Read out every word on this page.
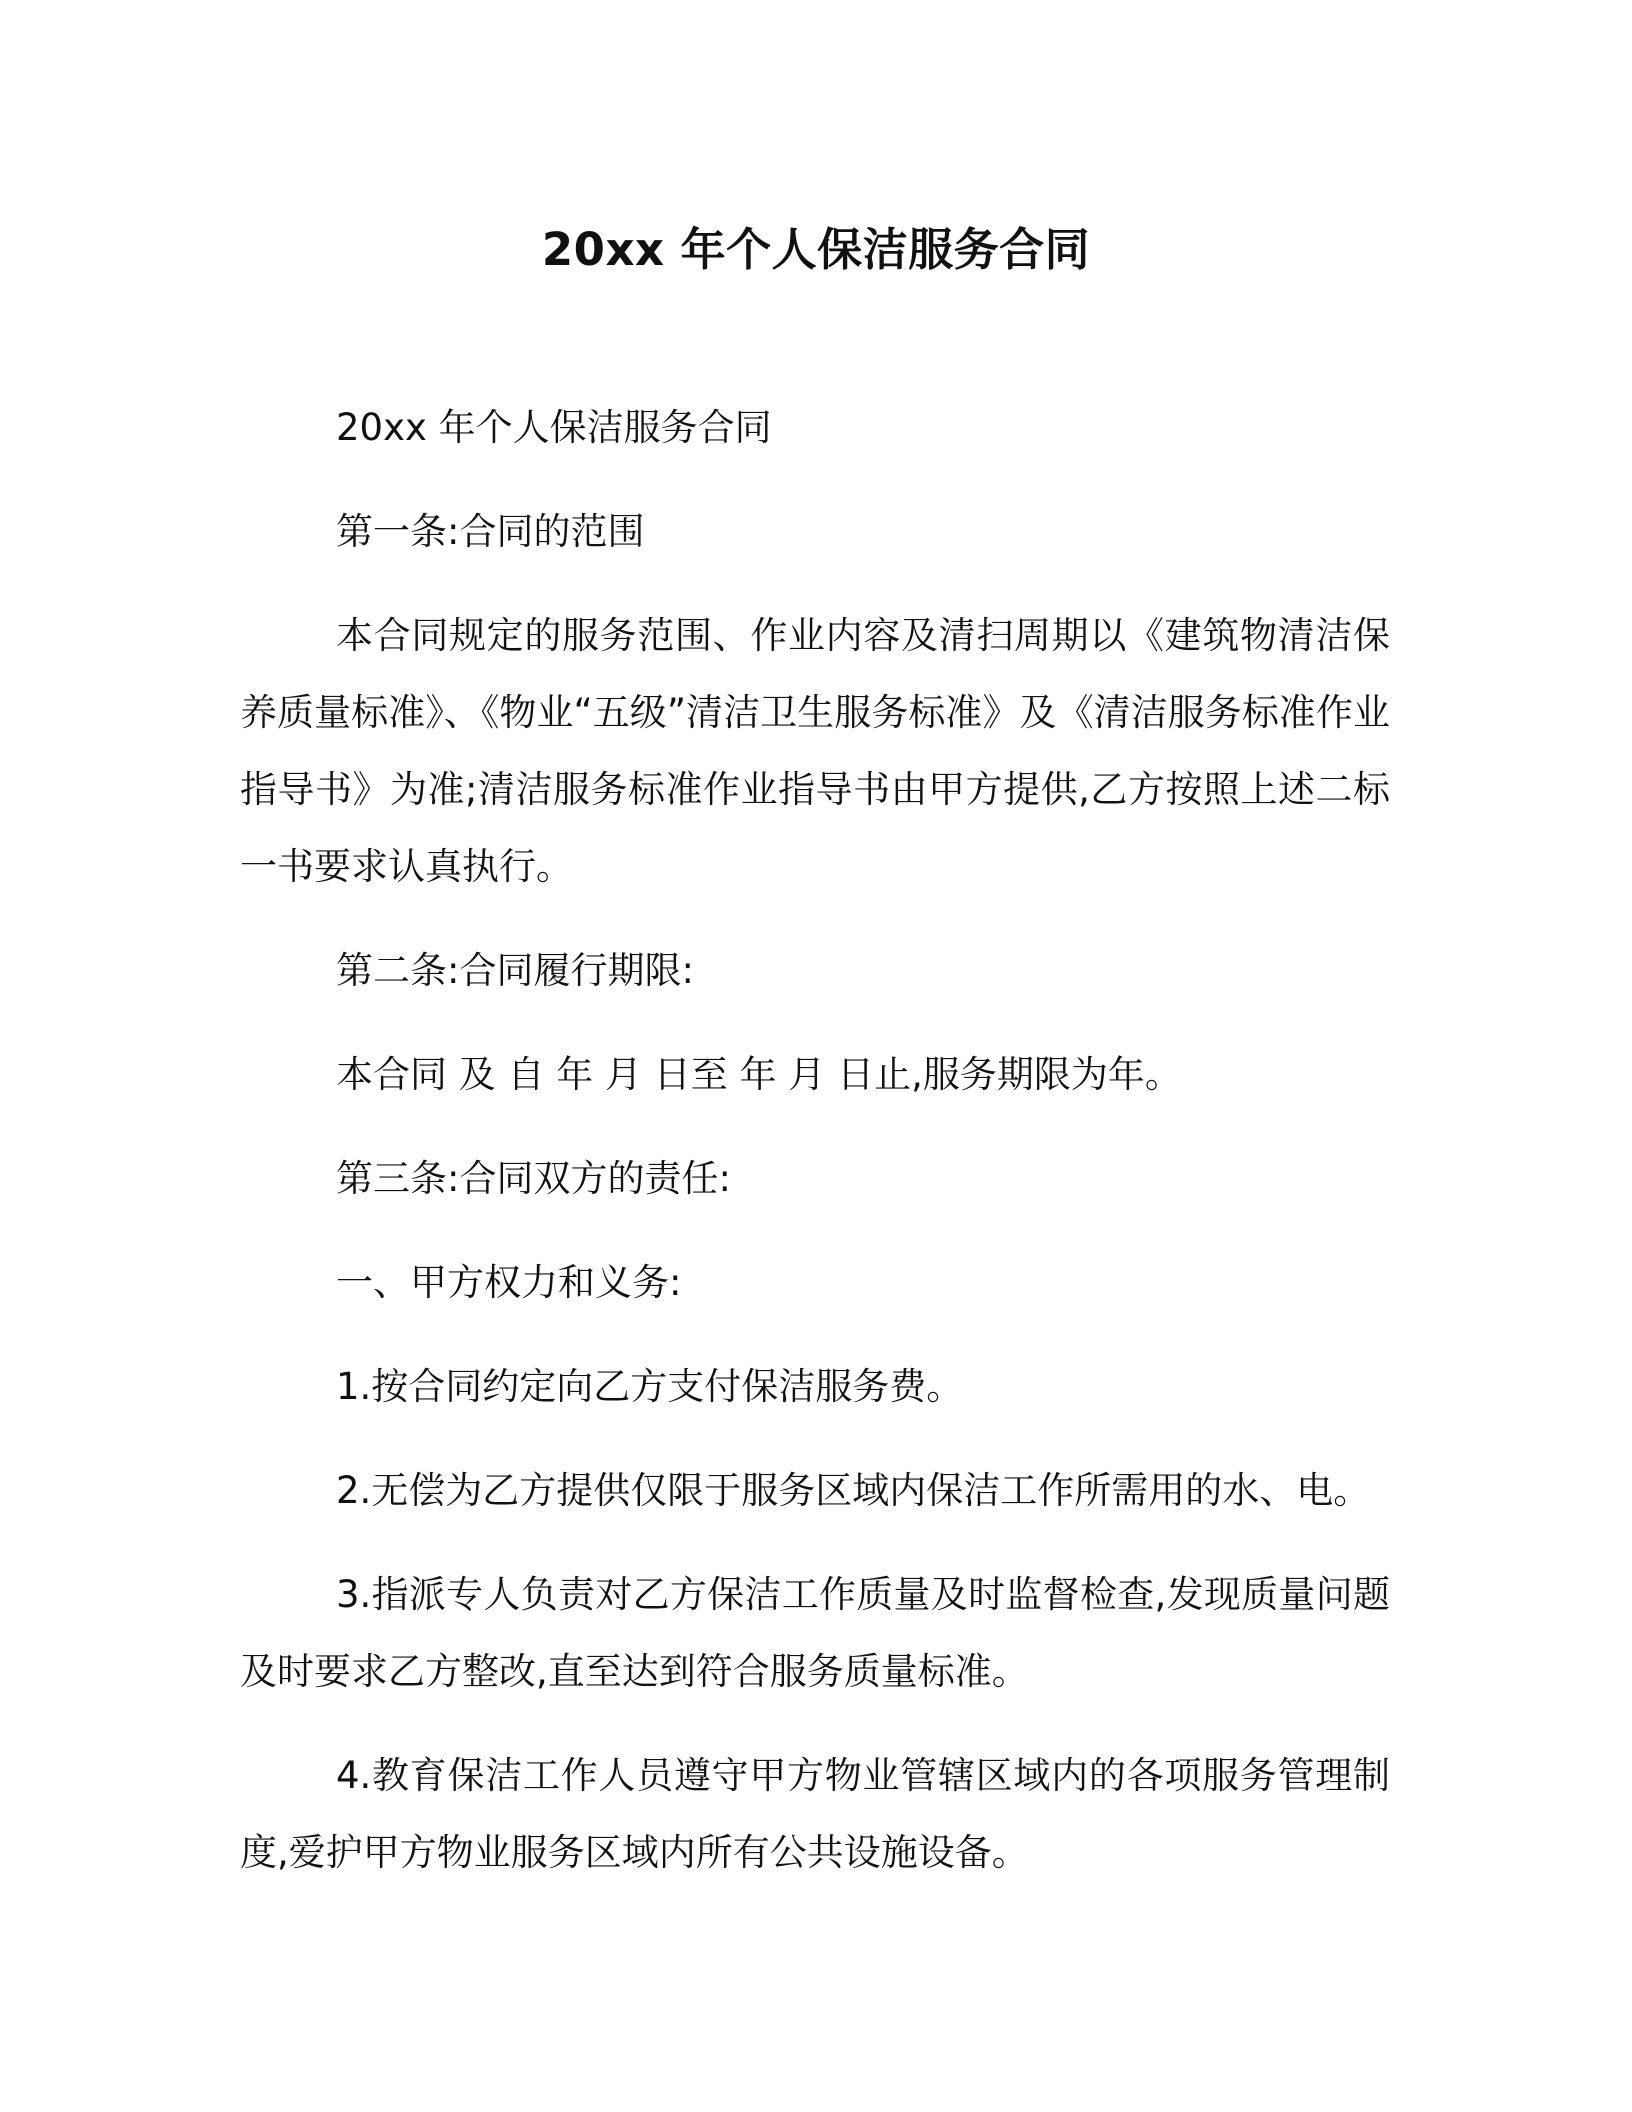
20xx 年个人保洁服务合同

20xx 年个人保洁服务合同

第一条:合同的范围

本合同规定的服务范围、作业内容及清扫周期以《建筑物清洁保养质量标准》、《物业“五级”清洁卫生服务标准》及《清洁服务标准作业指导书》为准;清洁服务标准作业指导书由甲方提供,乙方按照上述二标一书要求认真执行。

第二条:合同履行期限:

本合同 及 自 年 月 日至 年 月 日止,服务期限为年。

第三条:合同双方的责任:

一、甲方权力和义务:

1.按合同约定向乙方支付保洁服务费。

2.无偿为乙方提供仅限于服务区域内保洁工作所需用的水、电。

3.指派专人负责对乙方保洁工作质量及时监督检查,发现质量问题及时要求乙方整改,直至达到符合服务质量标准。

4.教育保洁工作人员遵守甲方物业管辖区域内的各项服务管理制度,爱护甲方物业服务区域内所有公共设施设备。
